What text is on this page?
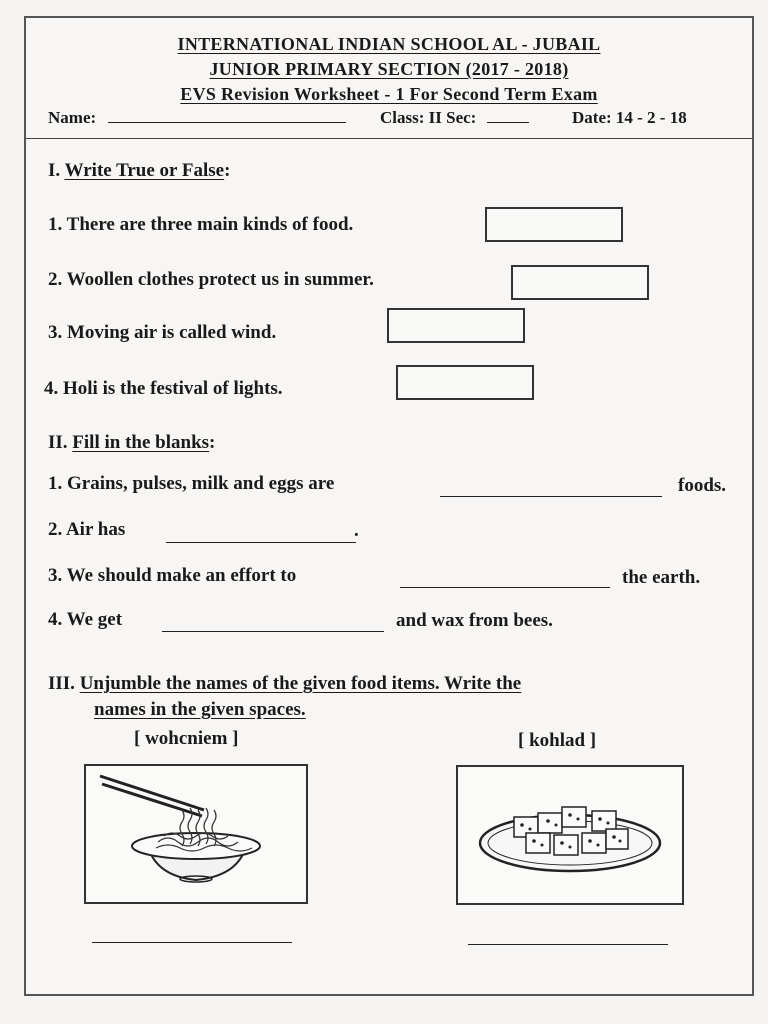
INTERNATIONAL INDIAN SCHOOL AL - JUBAIL
JUNIOR PRIMARY SECTION (2017 - 2018)
EVS Revision Worksheet - 1 For Second Term Exam
Name:	Class: II Sec:	Date: 14 - 2 - 18
I. Write True or False:
1. There are three main kinds of food.
2. Woollen clothes protect us in summer.
3. Moving air is called wind.
4. Holi is the festival of lights.
II. Fill in the blanks:
1. Grains, pulses, milk and eggs are	foods.
2. Air has	.
3. We should make an effort to	the earth.
4. We get	and wax from bees.
III. Unjumble the names of the given food items. Write the
names in the given spaces.
[ wohcniem ]	[ kohlad ]
